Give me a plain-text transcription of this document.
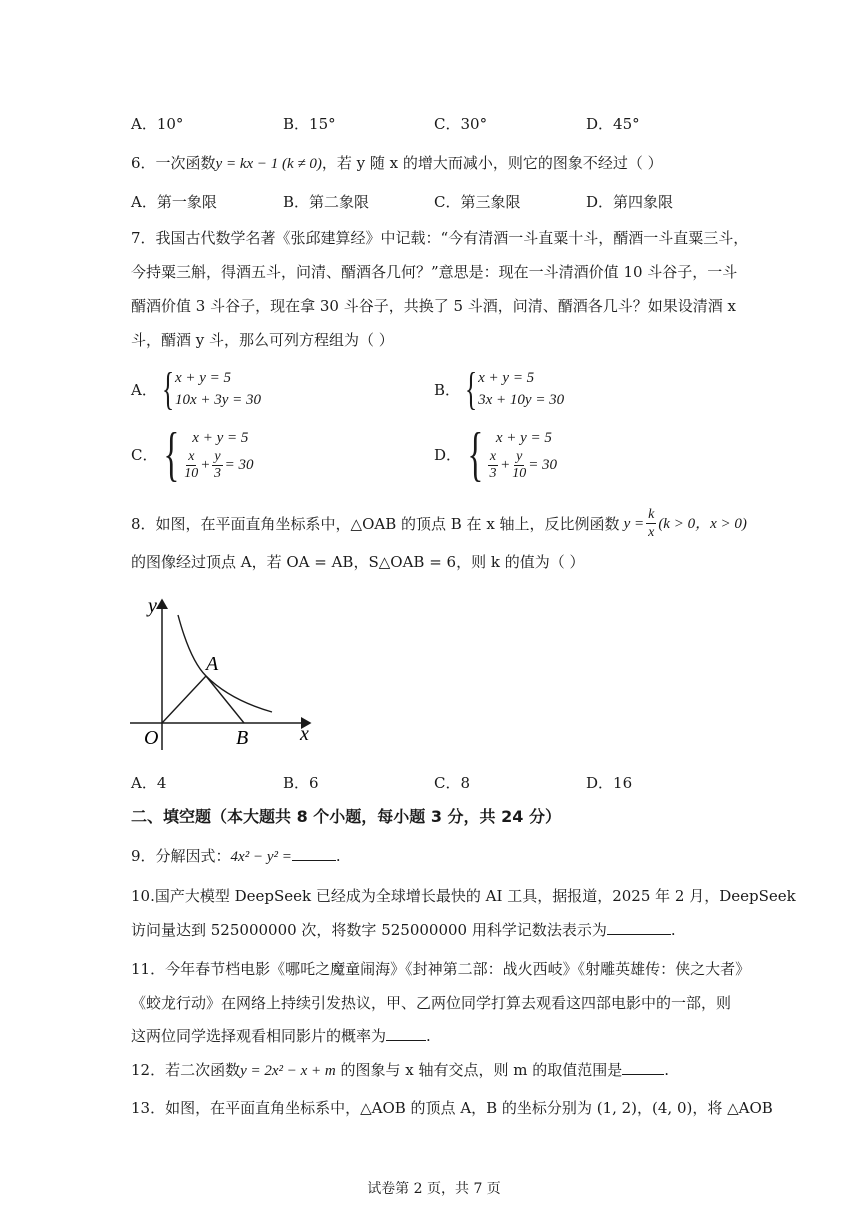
A．10°	B．15°	C．30°	D．45°
6．一次函数y = kx − 1 (k ≠ 0)，若 y 随 x 的增大而减小，则它的图象不经过（ ）
A．第一象限	B．第二象限	C．第三象限	D．第四象限
7．我国古代数学名著《张邱建算经》中记载：“今有清酒一斗直粟十斗，醑酒一斗直粟三斗，
今持粟三斛，得酒五斗，问清、醑酒各几何？”意思是：现在一斗清酒价值 10 斗谷子，一斗
醑酒价值 3 斗谷子，现在拿 30 斗谷子，共换了 5 斗酒，问清、醑酒各几斗？如果设清酒 x
斗，醑酒 y 斗，那么可列方程组为（ ）
A． { x + y = 5
10x + 3y = 30
B． { x + y = 5
3x + 10y = 30
C． { x + y = 5
$\frac{x}{10} + \frac{y}{3} = 30$
D． { x + y = 5
$\frac{x}{3} + \frac{y}{10} = 30$
8．如图，在平面直角坐标系中，△OAB 的顶点 B 在 x 轴上，反比例函数 $y = \frac{k}{x} (k > 0$，x > 0)
的图像经过顶点 A，若 OA = AB，S△OAB = 6，则 k 的值为（ ）
y
x
O
A
B
A．4	B．6	C．8	D．16
二、填空题（本大题共 8 个小题，每小题 3 分，共 24 分）
9．分解因式：4x² − y² =	.
10.国产大模型 DeepSeek 已经成为全球增长最快的 AI 工具，据报道，2025 年 2 月，DeepSeek
访问量达到 525000000 次，将数字 525000000 用科学记数法表示为	.
11．今年春节档电影《哪吒之魔童闹海》《封神第二部：战火西岐》《射雕英雄传：侠之大者》
《蛟龙行动》在网络上持续引发热议，甲、乙两位同学打算去观看这四部电影中的一部，则
这两位同学选择观看相同影片的概率为	.
12．若二次函数y = 2x² − x + m 的图象与 x 轴有交点，则 m 的取值范围是	.
13．如图，在平面直角坐标系中，△AOB 的顶点 A，B 的坐标分别为 (1, 2)，(4, 0)，将 △AOB
试卷第 2 页，共 7 页
